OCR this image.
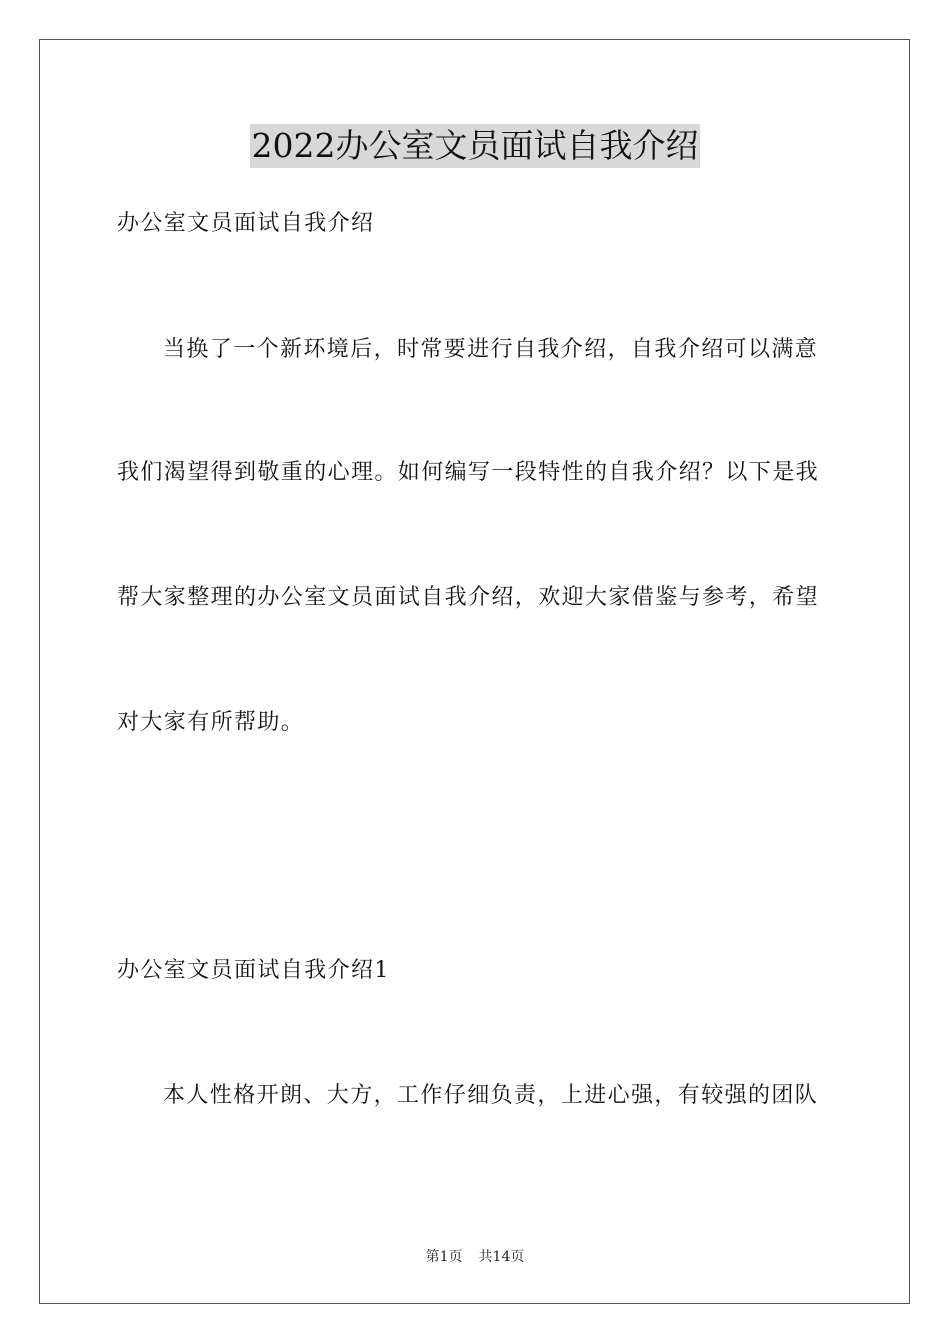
2022办公室文员面试自我介绍
办公室文员面试自我介绍
当换了一个新环境后，时常要进行自我介绍，自我介绍可以满意
我们渴望得到敬重的心理。如何编写一段特性的自我介绍？以下是我
帮大家整理的办公室文员面试自我介绍，欢迎大家借鉴与参考，希望
对大家有所帮助。
办公室文员面试自我介绍1
本人性格开朗、大方，工作仔细负责，上进心强，有较强的团队
第1页 共14页
